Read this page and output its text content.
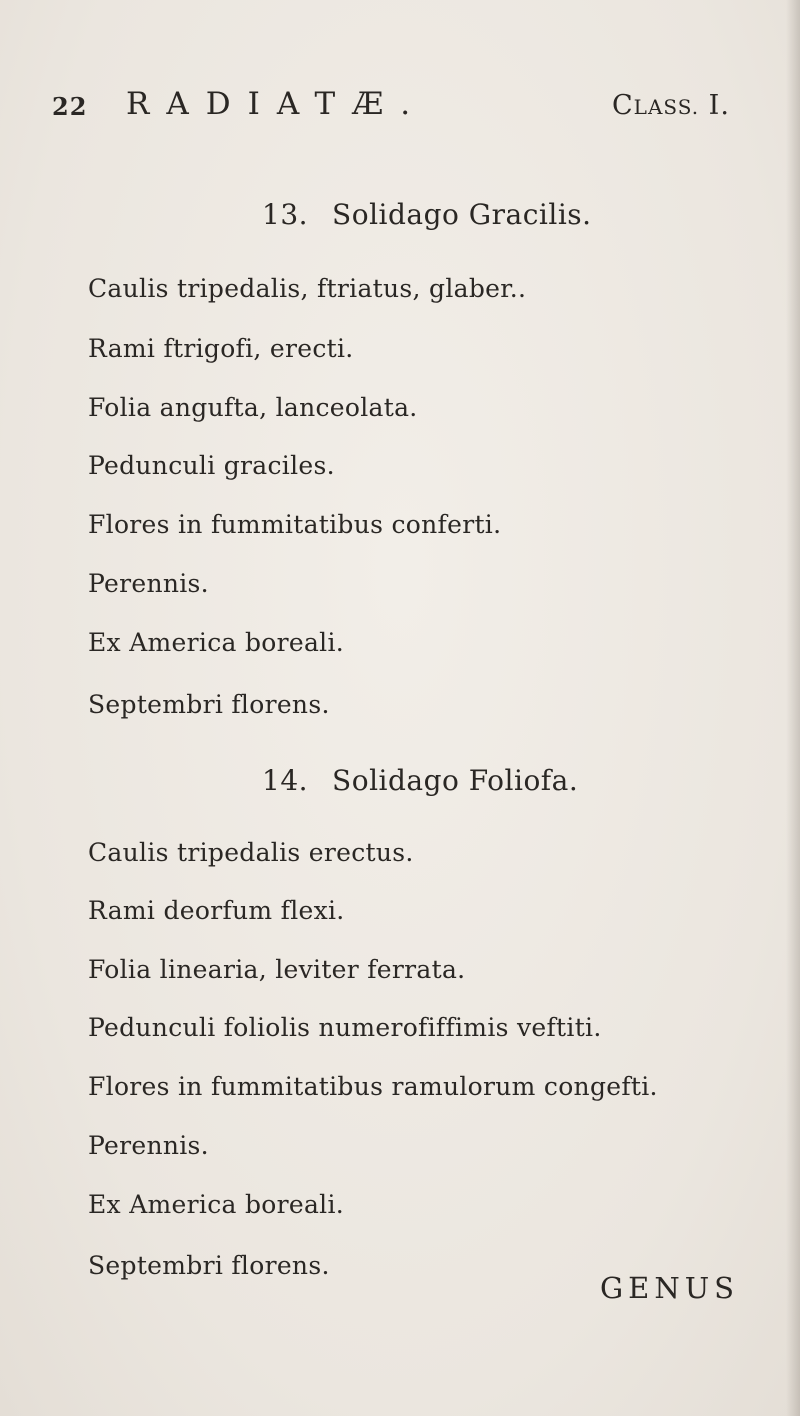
22 RADIATÆ.	CLASS. I.
13. Solidago Gracilis.
Caulis tripedalis, ftriatus, glaber..
Rami ftrigofi, erecti.
Folia angufta, lanceolata.
Pedunculi graciles.
Flores in fummitatibus conferti.
Perennis.
Ex America boreali.
Septembri florens.
14. Solidago Foliofa.
Caulis tripedalis erectus.
Rami deorfum flexi.
Folia linearia, leviter ferrata.
Pedunculi foliolis numerofiffimis veftiti.
Flores in fummitatibus ramulorum congefti.
Perennis.
Ex America boreali.
Septembri florens.
GENUS
